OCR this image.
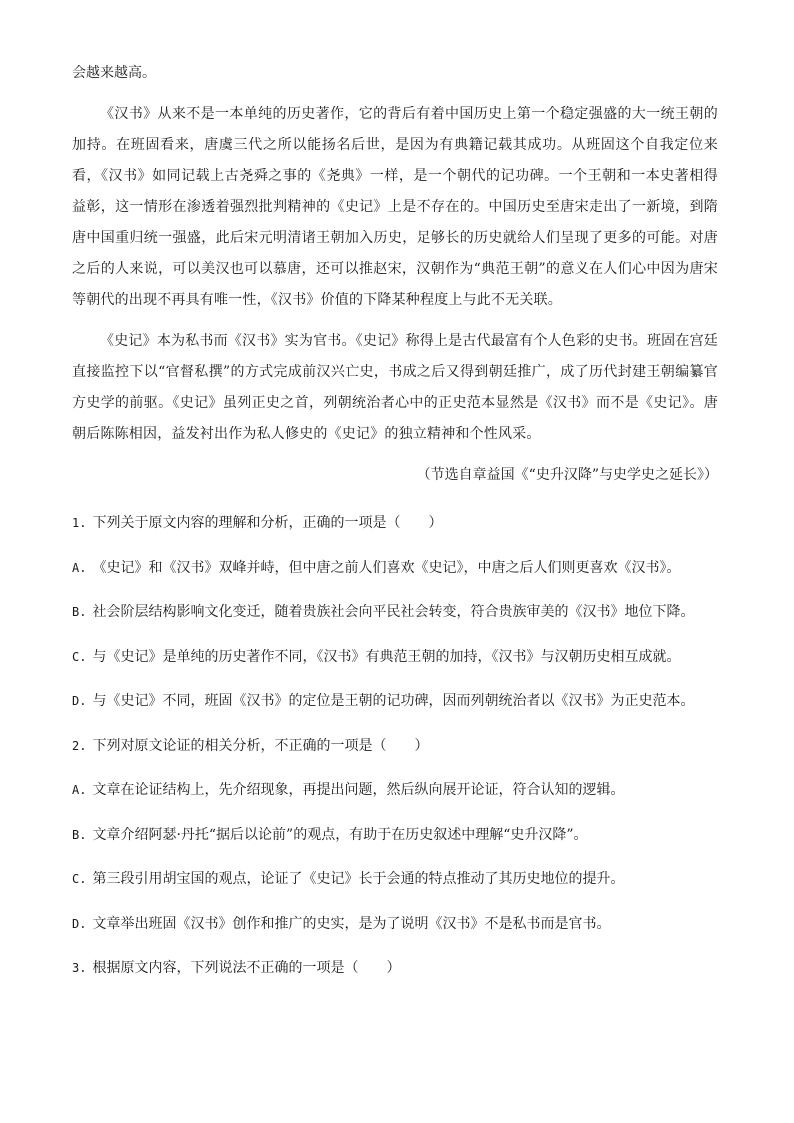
会越来越高。

《汉书》从来不是一本单纯的历史著作，它的背后有着中国历史上第一个稳定强盛的大一统王朝的加持。在班固看来，唐虞三代之所以能扬名后世，是因为有典籍记载其成功。从班固这个自我定位来看，《汉书》如同记载上古尧舜之事的《尧典》一样，是一个朝代的记功碑。一个王朝和一本史著相得益彰，这一情形在渗透着强烈批判精神的《史记》上是不存在的。中国历史至唐宋走出了一新境，到隋唐中国重归统一强盛，此后宋元明清诸王朝加入历史，足够长的历史就给人们呈现了更多的可能。对唐之后的人来说，可以美汉也可以慕唐，还可以推赵宋，汉朝作为“典范王朝”的意义在人们心中因为唐宋等朝代的出现不再具有唯一性，《汉书》价值的下降某种程度上与此不无关联。

《史记》本为私书而《汉书》实为官书。《史记》称得上是古代最富有个人色彩的史书。班固在宫廷直接监控下以“官督私撰”的方式完成前汉兴亡史，书成之后又得到朝廷推广，成了历代封建王朝编纂官方史学的前驱。《史记》虽列正史之首，列朝统治者心中的正史范本显然是《汉书》而不是《史记》。唐朝后陈陈相因，益发衬出作为私人修史的《史记》的独立精神和个性风采。

（节选自章益国《“史升汉降”与史学史之延长》）

1. 下列关于原文内容的理解和分析，正确的一项是（　　）

A. 《史记》和《汉书》双峰并峙，但中唐之前人们喜欢《史记》，中唐之后人们则更喜欢《汉书》。

B. 社会阶层结构影响文化变迁，随着贵族社会向平民社会转变，符合贵族审美的《汉书》地位下降。

C. 与《史记》是单纯的历史著作不同，《汉书》有典范王朝的加持，《汉书》与汉朝历史相互成就。

D. 与《史记》不同，班固《汉书》的定位是王朝的记功碑，因而列朝统治者以《汉书》为正史范本。

2. 下列对原文论证的相关分析，不正确的一项是（　　）

A. 文章在论证结构上，先介绍现象，再提出问题，然后纵向展开论证，符合认知的逻辑。

B. 文章介绍阿瑟·丹托“据后以论前”的观点，有助于在历史叙述中理解“史升汉降”。

C. 第三段引用胡宝国的观点，论证了《史记》长于会通的特点推动了其历史地位的提升。

D. 文章举出班固《汉书》创作和推广的史实，是为了说明《汉书》不是私书而是官书。

3. 根据原文内容，下列说法不正确的一项是（　　）
